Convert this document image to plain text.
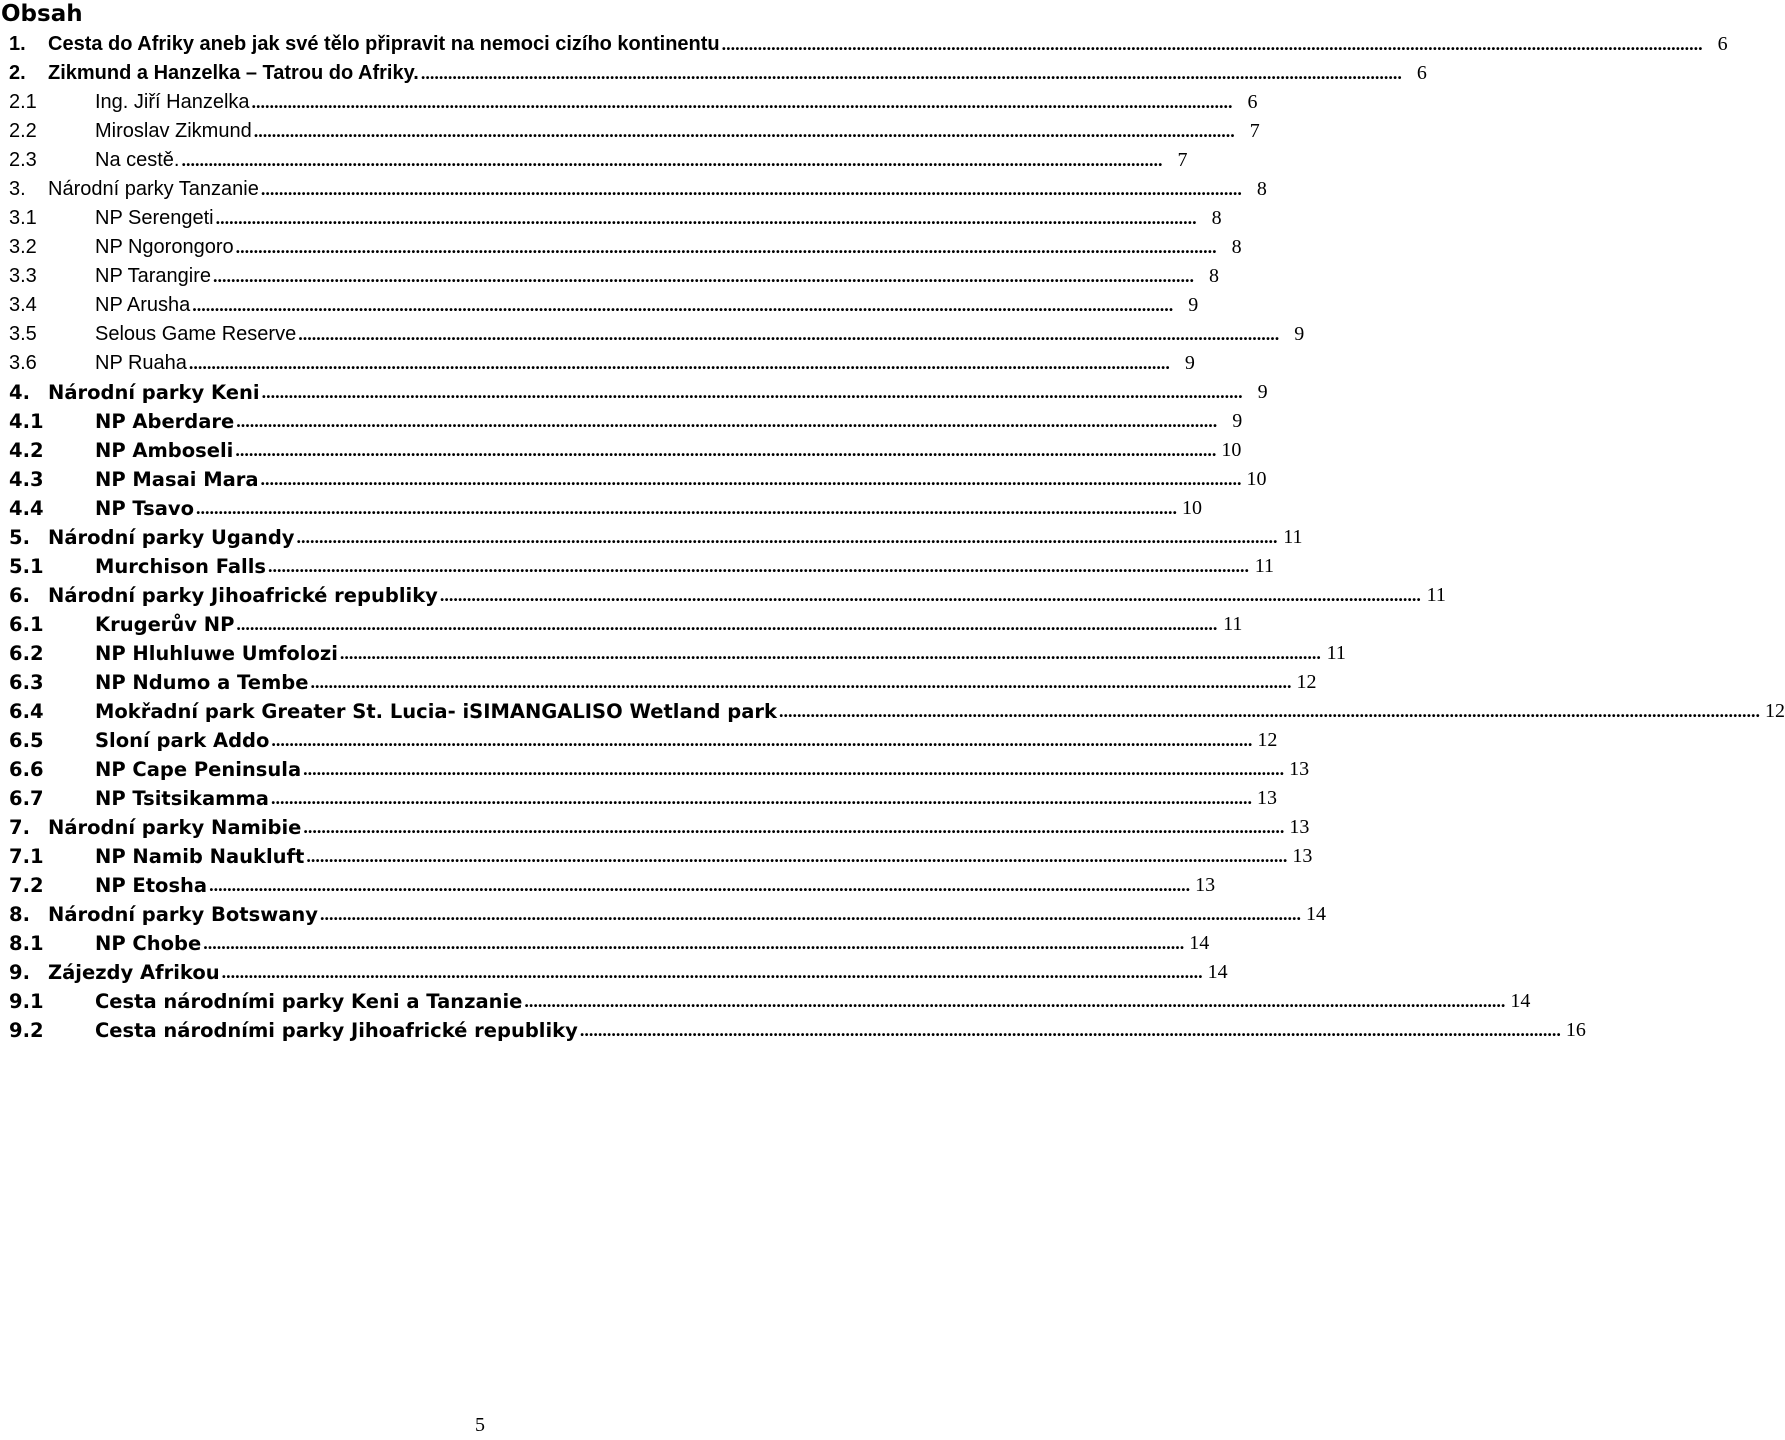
Obsah
1.	Cesta do Afriky aneb jak své tělo připravit na nemoci cizího kontinentu .......................................................................................................................................................................................................................... 6
2.	Zikmund a Hanzelka – Tatrou do Afriky. .......................................................................................................................................................................................................................... 6
2.1	Ing. Jiří Hanzelka .......................................................................................................................................................................................................................... 6
2.2	Miroslav Zikmund .......................................................................................................................................................................................................................... 7
2.3	Na cestě. .......................................................................................................................................................................................................................... 7
3.	Národní parky Tanzanie .......................................................................................................................................................................................................................... 8
3.1	NP Serengeti .......................................................................................................................................................................................................................... 8
3.2	NP Ngorongoro .......................................................................................................................................................................................................................... 8
3.3	NP Tarangire .......................................................................................................................................................................................................................... 8
3.4	NP Arusha .......................................................................................................................................................................................................................... 9
3.5	Selous Game Reserve .......................................................................................................................................................................................................................... 9
3.6	NP Ruaha .......................................................................................................................................................................................................................... 9
4. Národní parky Keni .......................................................................................................................................................................................................................... 9
4.1	NP Aberdare .......................................................................................................................................................................................................................... 9
4.2	NP Amboseli .......................................................................................................................................................................................................................... 10
4.3	NP Masai Mara .......................................................................................................................................................................................................................... 10
4.4	NP Tsavo .......................................................................................................................................................................................................................... 10
5. Národní parky Ugandy .......................................................................................................................................................................................................................... 11
5.1	Murchison Falls .......................................................................................................................................................................................................................... 11
6. Národní parky Jihoafrické republiky .......................................................................................................................................................................................................................... 11
6.1	Krugerův NP .......................................................................................................................................................................................................................... 11
6.2	NP Hluhluwe Umfolozi .......................................................................................................................................................................................................................... 11
6.3	NP Ndumo a Tembe .......................................................................................................................................................................................................................... 12
6.4	Mokřadní park Greater St. Lucia- iSIMANGALISO Wetland park .......................................................................................................................................................................................................................... 12
6.5	Sloní park Addo .......................................................................................................................................................................................................................... 12
6.6	NP Cape Peninsula .......................................................................................................................................................................................................................... 13
6.7	NP Tsitsikamma .......................................................................................................................................................................................................................... 13
7. Národní parky Namibie .......................................................................................................................................................................................................................... 13
7.1	NP Namib Naukluft .......................................................................................................................................................................................................................... 13
7.2	NP Etosha .......................................................................................................................................................................................................................... 13
8. Národní parky Botswany .......................................................................................................................................................................................................................... 14
8.1	NP Chobe .......................................................................................................................................................................................................................... 14
9. Zájezdy Afrikou .......................................................................................................................................................................................................................... 14
9.1	Cesta národními parky Keni a Tanzanie .......................................................................................................................................................................................................................... 14
9.2	Cesta národními parky Jihoafrické republiky .......................................................................................................................................................................................................................... 16
5
